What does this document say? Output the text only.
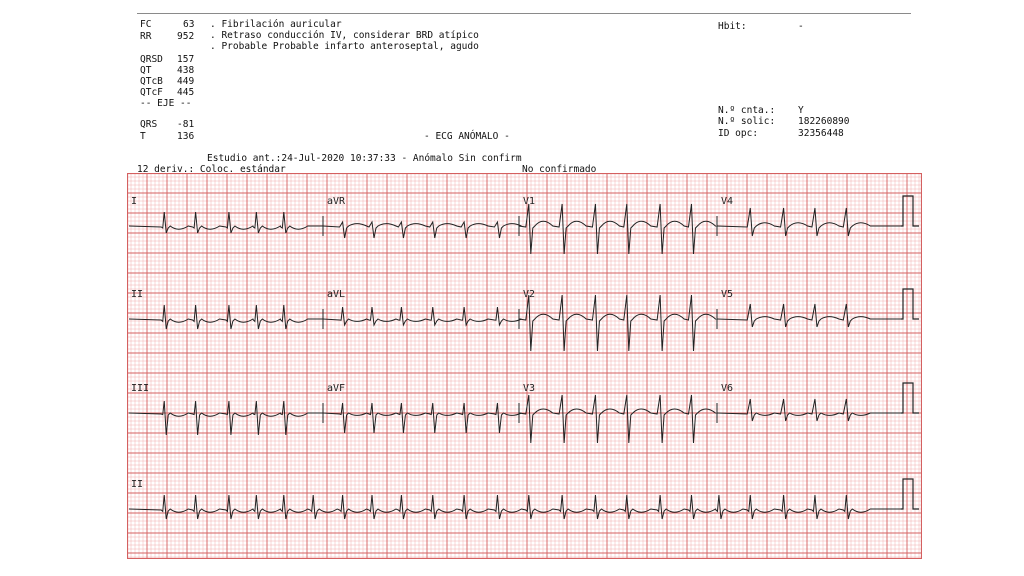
FC	63
RR	952
QRSD 157
QT	438
QTcB 449
QTcF 445
-- EJE --
QRS -81
T	136
. Fibrilación auricular
. Retraso conducción IV, considerar BRD atípico
. Probable Probable infarto anteroseptal, agudo
Hbit:	-
N.º cnta.: Y
N.º solic: 182260890
ID opc:	32356448
- ECG ANÓMALO -
Estudio ant.:24-Jul-2020 10:37:33 - Anómalo Sin confirm
12 deriv.: Coloc. estándar	No confirmado
I	aVR	V1	V4
II	aVL	V2	V5
III	aVF	V3	V6
II
